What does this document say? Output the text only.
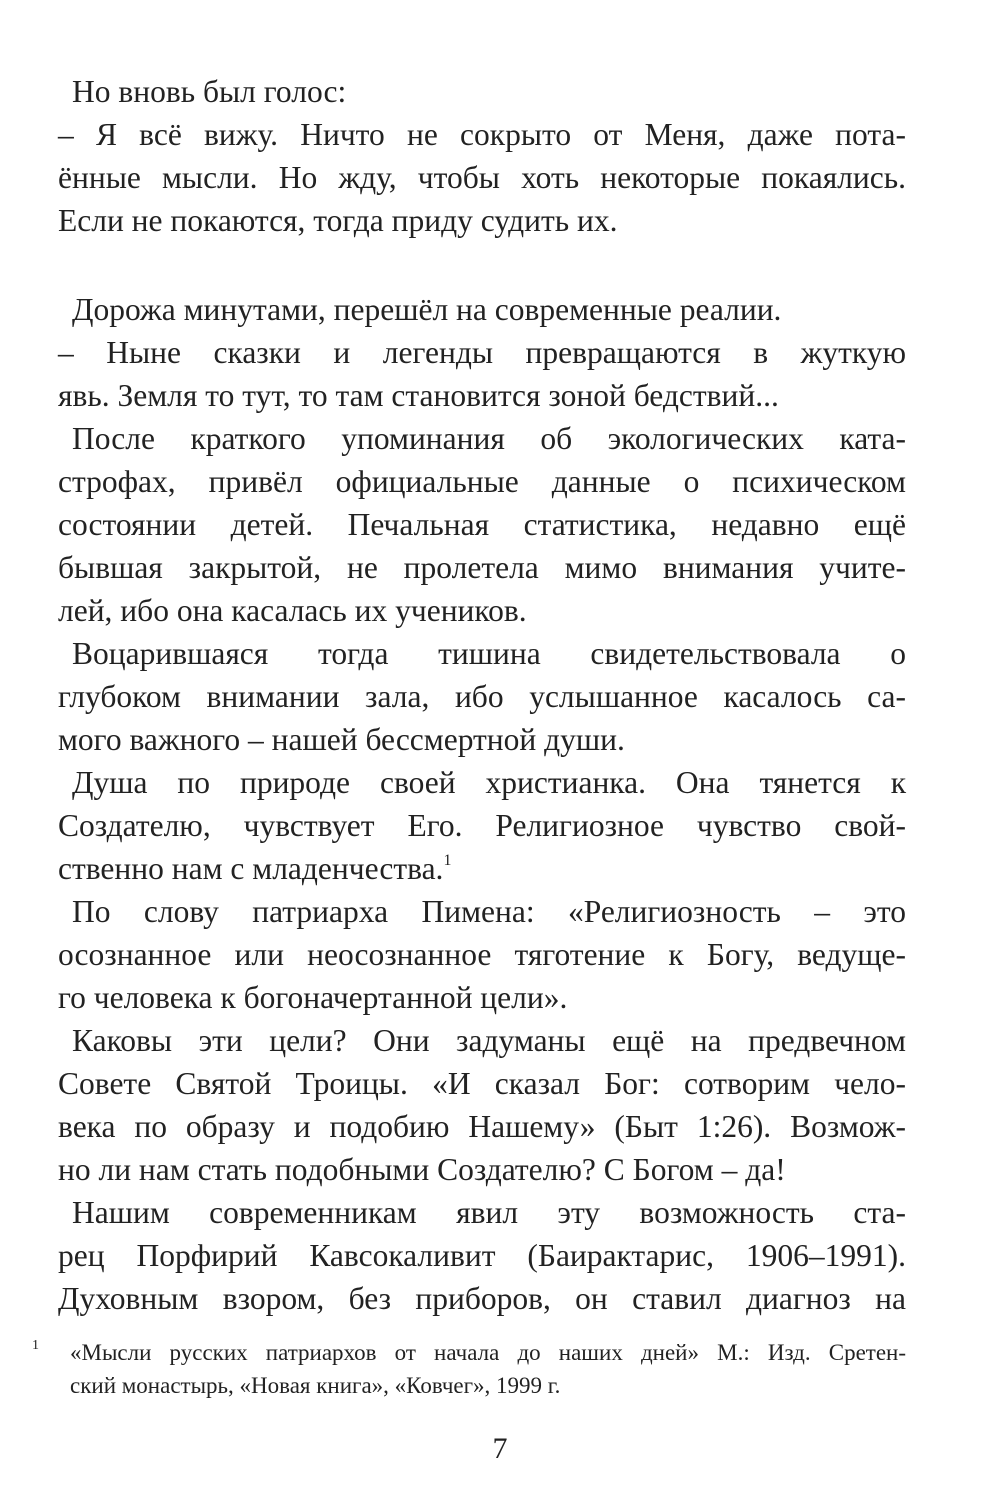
Но вновь был голос:
– Я всё вижу. Ничто не сокрыто от Меня, даже пота-
ённые мысли. Но жду, чтобы хоть некоторые покаялись.
Если не покаются, тогда приду судить их.
Дорожа минутами, перешёл на современные реалии.
– Ныне сказки и легенды превращаются в жуткую
явь. Земля то тут, то там становится зоной бедствий...
После краткого упоминания об экологических ката-
строфах, привёл официальные данные о психическом
состоянии детей. Печальная статистика, недавно ещё
бывшая закрытой, не пролетела мимо внимания учите-
лей, ибо она касалась их учеников.
Воцарившаяся тогда тишина свидетельствовала о
глубоком внимании зала, ибо услышанное касалось са-
мого важного – нашей бессмертной души.
Душа по природе своей христианка. Она тянется к
Создателю, чувствует Его. Религиозное чувство свой-
ственно нам с младенчества.$^1$
По слову патриарха Пимена: «Религиозность – это
осознанное или неосознанное тяготение к Богу, ведуще-
го человека к богоначертанной цели».
Каковы эти цели? Они задуманы ещё на предвечном
Совете Святой Троицы. «И сказал Бог: сотворим чело-
века по образу и подобию Нашему» (Быт 1:26). Возмож-
но ли нам стать подобными Создателю? С Богом – да!
Нашим современникам явил эту возможность ста-
рец Порфирий Кавсокаливит (Баирактарис, 1906–1991).
Духовным взором, без приборов, он ставил диагноз на
1 «Мысли русских патриархов от начала до наших дней» М.: Изд. Сретен-
ский монастырь, «Новая книга», «Ковчег», 1999 г.
7
